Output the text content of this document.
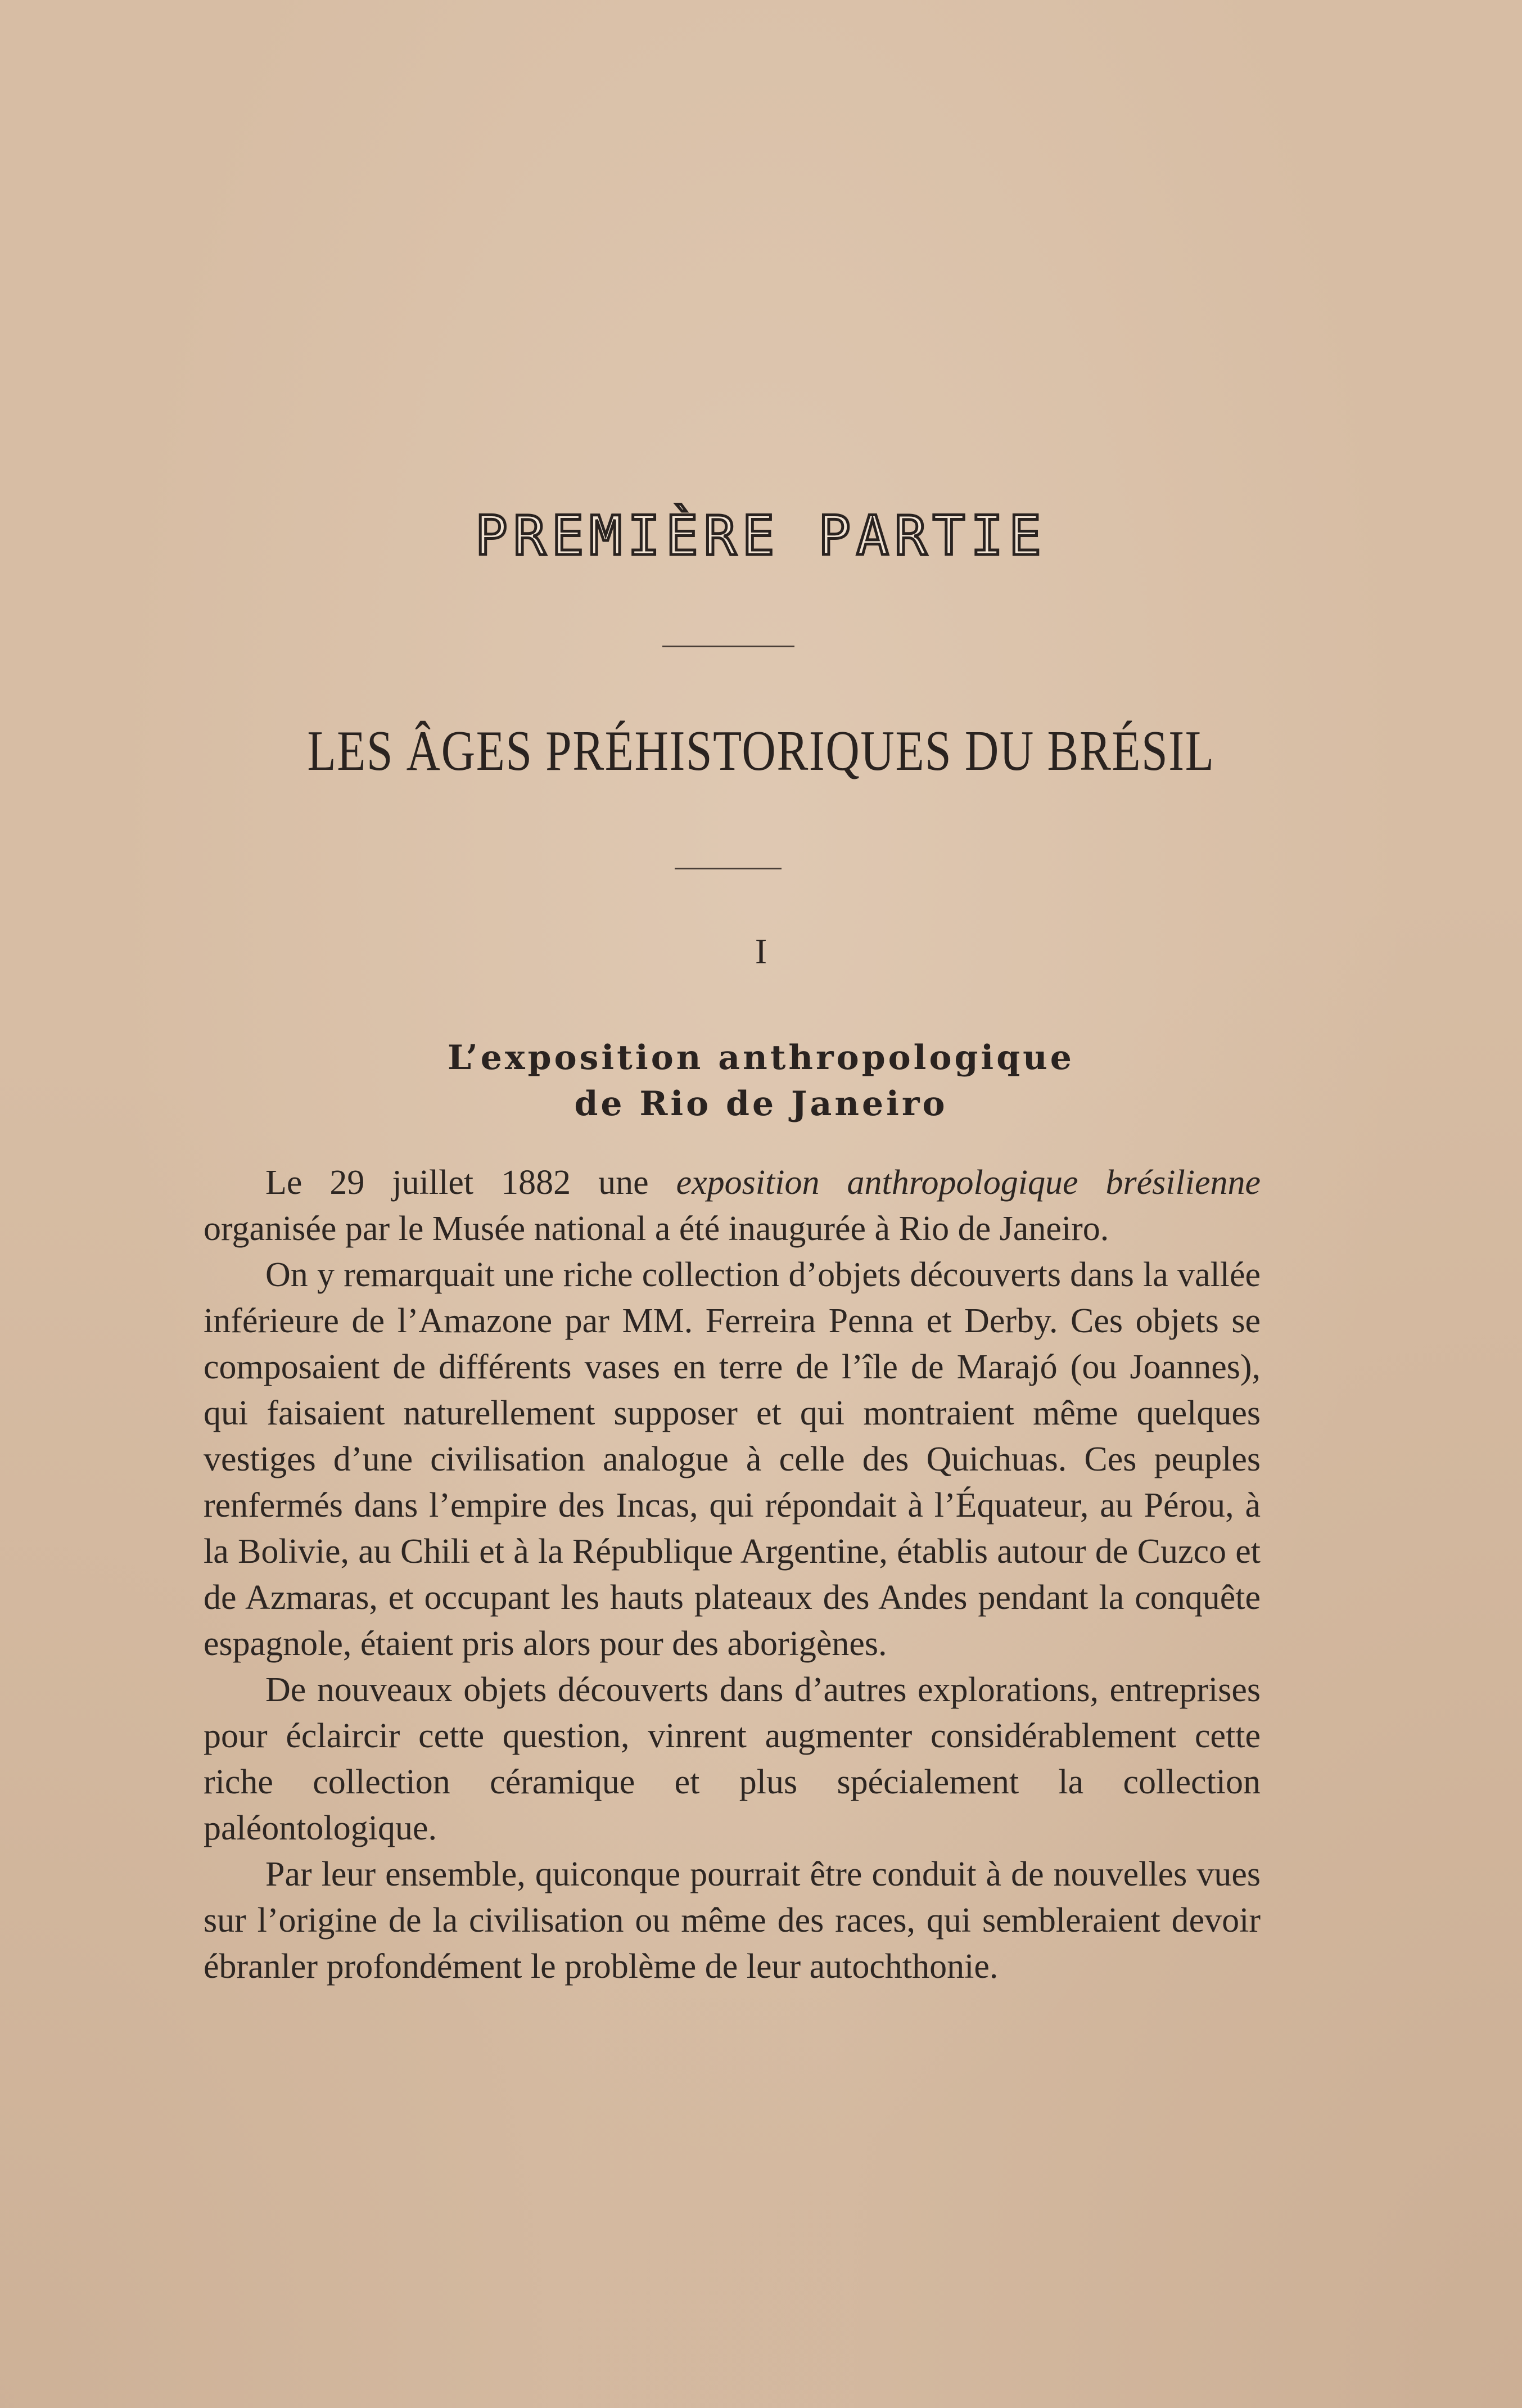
PREMIÈRE PARTIE
LES ÂGES PRÉHISTORIQUES DU BRÉSIL
I
L’exposition anthropologique
de Rio de Janeiro

Le 29 juillet 1882 une exposition anthropologique brésilienne organisée par le Musée national a été inaugurée à Rio de Janeiro.

On y remarquait une riche collection d’objets découverts dans la vallée inférieure de l’Amazone par MM. Ferreira Penna et Derby. Ces objets se composaient de différents vases en terre de l’île de Marajó (ou Joannes), qui faisaient naturellement supposer et qui montraient même quelques vestiges d’une civilisation analogue à celle des Quichuas. Ces peuples renfermés dans l’empire des Incas, qui répondait à l’Équateur, au Pérou, à la Bolivie, au Chili et à la République Argentine, établis autour de Cuzco et de Azmaras, et occupant les hauts plateaux des Andes pendant la conquête espagnole, étaient pris alors pour des aborigènes.

De nouveaux objets découverts dans d’autres explorations, entreprises pour éclaircir cette question, vinrent augmenter considérablement cette riche collection céramique et plus spécialement la collection paléontologique.

Par leur ensemble, quiconque pourrait être conduit à de nouvelles vues sur l’origine de la civilisation ou même des races, qui sembleraient devoir ébranler profondément le problème de leur autochthonie.
